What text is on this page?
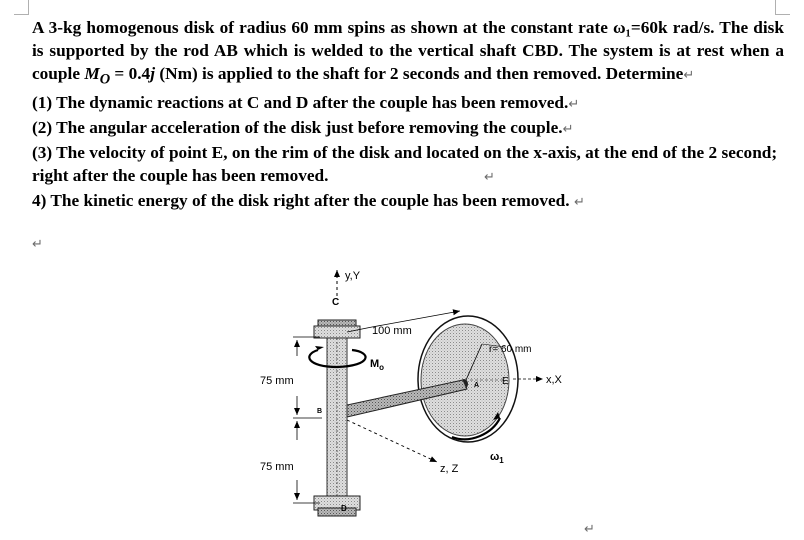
A 3-kg homogenous disk of radius 60 mm spins as shown at the constant rate ω₁=60k rad/s. The disk is supported by the rod AB which is welded to the vertical shaft CBD. The system is at rest when a couple $M_O = 0.4j$ (Nm) is applied to the shaft for 2 seconds and then removed. Determine↵

(1) The dynamic reactions at C and D after the couple has been removed.↵

(2) The angular acceleration of the disk just before removing the couple.↵

(3) The velocity of point E, on the rim of the disk and located on the x-axis, at the end of the 2 second; right after the couple has been removed.	↵

4) The kinetic energy of the disk right after the couple has been removed. ↵

↵
y,Y
C
D
$M_o$
75 mm
75 mm
B
100 mm
z, Z
A
r= 60 mm
E	x,X
$\omega_1$
↵
